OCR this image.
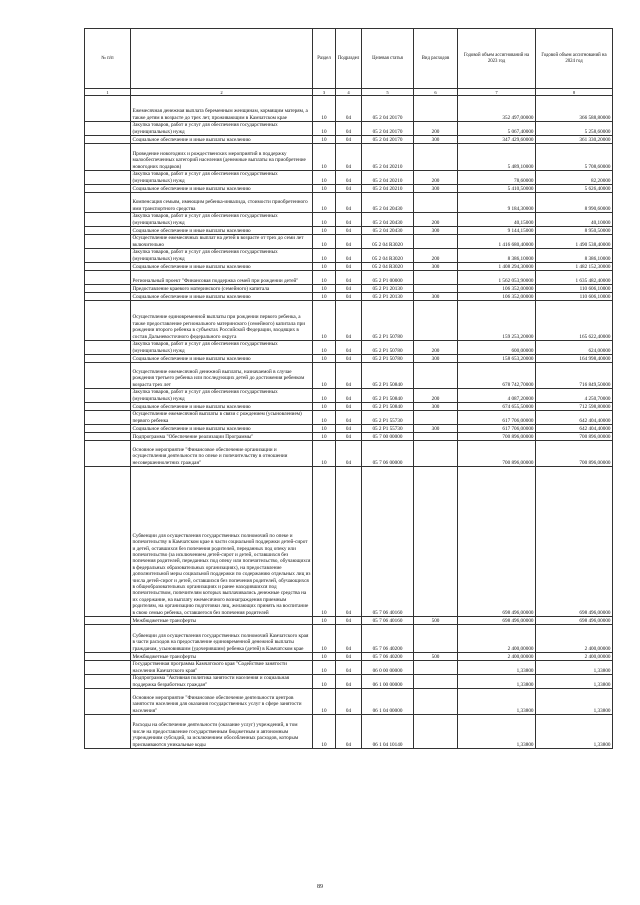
№ п/п		Раздел	Подраздел	Целевая статья	Вид расходов	Годовой объем ассигнований на 2023 год	Годовой объем ассигнований на 2024 год
1	2	3	4	5	6	7	8
	Ежемесячная денежная выплата беременным женщинам, кормящим матерям, а также детям в возрасте до трех лет, проживающим в Камчатском крае	10	04	05 2 04 20170		352 497,00000	366 588,80000
	Закупка товаров, работ и услуг для обеспечения государственных (муниципальных) нужд	10	04	05 2 04 20170	200	5 067,40000	5 258,60000
	Социальное обеспечение и иные выплаты населению	10	04	05 2 04 20170	300	347 429,60000	361 330,20000
	Проведение новогодних и рождественских мероприятий в поддержку малообеспеченных категорий населения (денежные выплаты на приобретение новогодних подарков)	10	04	05 2 04 20210		5 489,10000	5 708,60000
	Закупка товаров, работ и услуг для обеспечения государственных (муниципальных) нужд	10	04	05 2 04 20210	200	78,60000	82,20000
	Социальное обеспечение и иные выплаты населению	10	04	05 2 04 20210	300	5 410,50000	5 626,40000
	Компенсация семьям, имеющим ребенка-инвалида, стоимости приобретенного ими транспортного средства	10	04	05 2 04 20430		9 184,30000	8 990,60000
	Закупка товаров, работ и услуг для обеспечения государственных (муниципальных) нужд	10	04	05 2 04 20430	200	40,15000	40,10000
	Социальное обеспечение и иные выплаты населению	10	04	05 2 04 20430	300	9 144,15000	8 950,50000
	Осуществление ежемесячных выплат на детей в возрасте от трех до семи лет включительно	10	04	05 2 04 R3020		1 416 680,40000	1 490 538,40000
	Закупка товаров, работ и услуг для обеспечения государственных (муниципальных) нужд	10	04	05 2 04 R3020	200	8 386,10000	8 386,10000
	Социальное обеспечение и иные выплаты населению	10	04	05 2 04 R3020	300	1 408 294,30000	1 482 152,30000
	Региональный проект "Финансовая поддержка семей при рождении детей"	10	04	05 2 P1 00000		1 562 053,90000	1 635 482,40000
	Предоставление краевого материнского (семейного) капитала	10	04	05 2 P1 20130		106 352,00000	110 606,10000
	Социальное обеспечение и иные выплаты населению	10	04	05 2 P1 20130	300	106 352,00000	110 606,10000
	Осуществление единовременной выплаты при рождении первого ребенка, а также предоставление регионального материнского (семейного) капитала при рождении второго ребенка в субъектах Российской Федерации, входящих в состав Дальневосточного федерального округа	10	04	05 2 P1 50780		159 253,20000	165 622,40000
	Закупка товаров, работ и услуг для обеспечения государственных (муниципальных) нужд	10	04	05 2 P1 50780	200	600,00000	624,00000
	Социальное обеспечение и иные выплаты населению	10	04	05 2 P1 50780	300	158 653,20000	164 998,40000
	Осуществление ежемесячной денежной выплаты, назначаемой в случае рождения третьего ребенка или последующих детей до достижения ребенком возраста трех лет	10	04	05 2 P1 50840		678 742,70000	716 849,50000
	Закупка товаров, работ и услуг для обеспечения государственных (муниципальных) нужд	10	04	05 2 P1 50840	200	4 087,20000	4 250,70000
	Социальное обеспечение и иные выплаты населению	10	04	05 2 P1 50840	300	674 655,50000	712 598,80000
	Осуществление ежемесячной выплаты в связи с рождением (усыновлением) первого ребенка	10	04	05 2 P1 55730		617 706,00000	642 404,40000
	Социальное обеспечение и иные выплаты населению	10	04	05 2 P1 55730	300	617 706,00000	642 404,40000
	Подпрограмма "Обеспечение реализации Программы"	10	04	05 7 00 00000		700 896,00000	700 896,00000
	Основное мероприятие "Финансовое обеспечение организации и осуществления деятельности по опеке и попечительству в отношении несовершеннолетних граждан"	10	04	05 7 06 00000		700 896,00000	700 896,00000
	Субвенции для осуществления государственных полномочий по опеке и попечительству в Камчатском крае в части социальной поддержки детей-сирот и детей, оставшихся без попечения родителей, переданных под опеку или попечительство (за исключением детей-сирот и детей, оставшихся без попечения родителей, переданных под опеку или попечительство, обучающихся в федеральных образовательных организациях), на предоставление дополнительной меры социальной поддержки по содержанию отдельных лиц из числа детей-сирот и детей, оставшихся без попечения родителей, обучающихся в общеобразовательных организациях и ранее находившихся под попечительством, попечителям которых выплачивались денежные средства на их содержание, на выплату ежемесячного вознаграждения приемным родителям, на организацию подготовки лиц, желающих принять на воспитание в свою семью ребенка, оставшегося без попечения родителей	10	04	05 7 06 40160		698 496,00000	698 496,00000
	Межбюджетные трансферты	10	04	05 7 06 40160	500	698 496,00000	698 496,00000
	Субвенции для осуществления государственных полномочий Камчатского края в части расходов на предоставление единовременной денежной выплаты гражданам, усыновившим (удочерившим) ребенка (детей) в Камчатском крае	10	04	05 7 06 40200		2 400,00000	2 400,00000
	Межбюджетные трансферты	10	04	05 7 06 40200	500	2 400,00000	2 400,00000
	Государственная программа Камчатского края "Содействие занятости населения Камчатского края"	10	04	06 0 00 00000		1,33800	1,33800
	Подпрограмма "Активная политика занятости населения и социальная поддержка безработных граждан"	10	04	06 1 00 00000		1,33800	1,33800
	Основное мероприятие "Финансовое обеспечение деятельности центров занятости населения для оказания государственных услуг в сфере занятости населения"	10	04	06 1 04 00000		1,33800	1,33800
	Расходы на обеспечение деятельности (оказание услуг) учреждений, в том числе на предоставление государственным бюджетным и автономным учреждениям субсидий, за исключением обособленных расходов, которым присваиваются уникальные коды	10	04	06 1 04 10140		1,33800	1,33800
89
